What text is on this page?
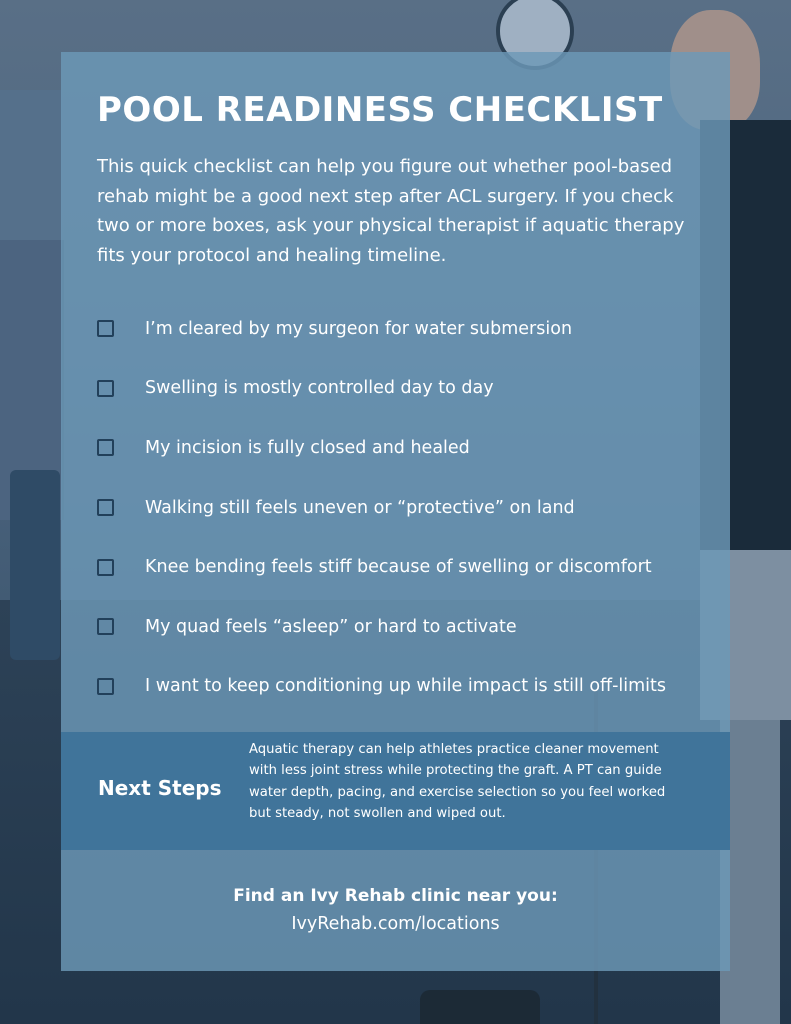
POOL READINESS CHECKLIST
This quick checklist can help you figure out whether pool-based rehab might be a good next step after ACL surgery. If you check two or more boxes, ask your physical therapist if aquatic therapy fits your protocol and healing timeline.
I’m cleared by my surgeon for water submersion
Swelling is mostly controlled day to day
My incision is fully closed and healed
Walking still feels uneven or “protective” on land
Knee bending feels stiff because of swelling or discomfort
My quad feels “asleep” or hard to activate
I want to keep conditioning up while impact is still off-limits
Next Steps
Aquatic therapy can help athletes practice cleaner movement with less joint stress while protecting the graft. A PT can guide water depth, pacing, and exercise selection so you feel worked but steady, not swollen and wiped out.
Find an Ivy Rehab clinic near you:
IvyRehab.com/locations
